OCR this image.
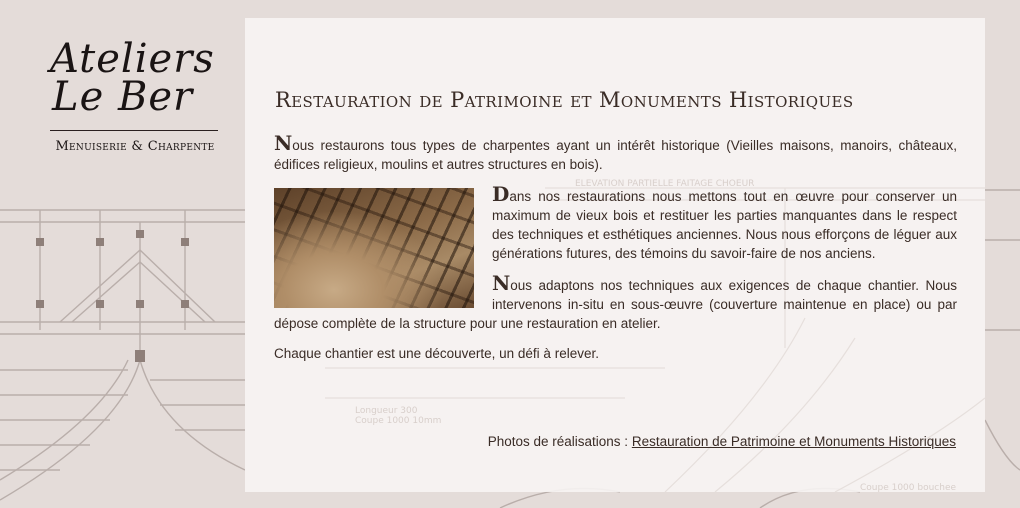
Ateliers
Le Ber
Menuiserie & Charpente
ELEVATION PARTIELLE FAITAGE CHOEUR
Longueur 300
Coupe 1000 10mm
Coupe 1000 bouchee
Restauration de Patrimoine et Monuments Historiques

Nous restaurons tous types de charpentes ayant un intérêt historique (Vieilles maisons, manoirs, châteaux, édifices religieux, moulins et autres structures en bois).

Dans nos restaurations nous mettons tout en œuvre pour conserver un maximum de vieux bois et restituer les parties manquantes dans le respect des techniques et esthétiques anciennes. Nous nous efforçons de léguer aux générations futures, des témoins du savoir-faire de nos anciens.

Nous adaptons nos techniques aux exigences de chaque chantier. Nous intervenons in-situ en sous-œuvre (couverture maintenue en place) ou par dépose complète de la structure pour une restauration en atelier.

Chaque chantier est une découverte, un défi à relever.

Photos de réalisations : Restauration de Patrimoine et Monuments Historiques
